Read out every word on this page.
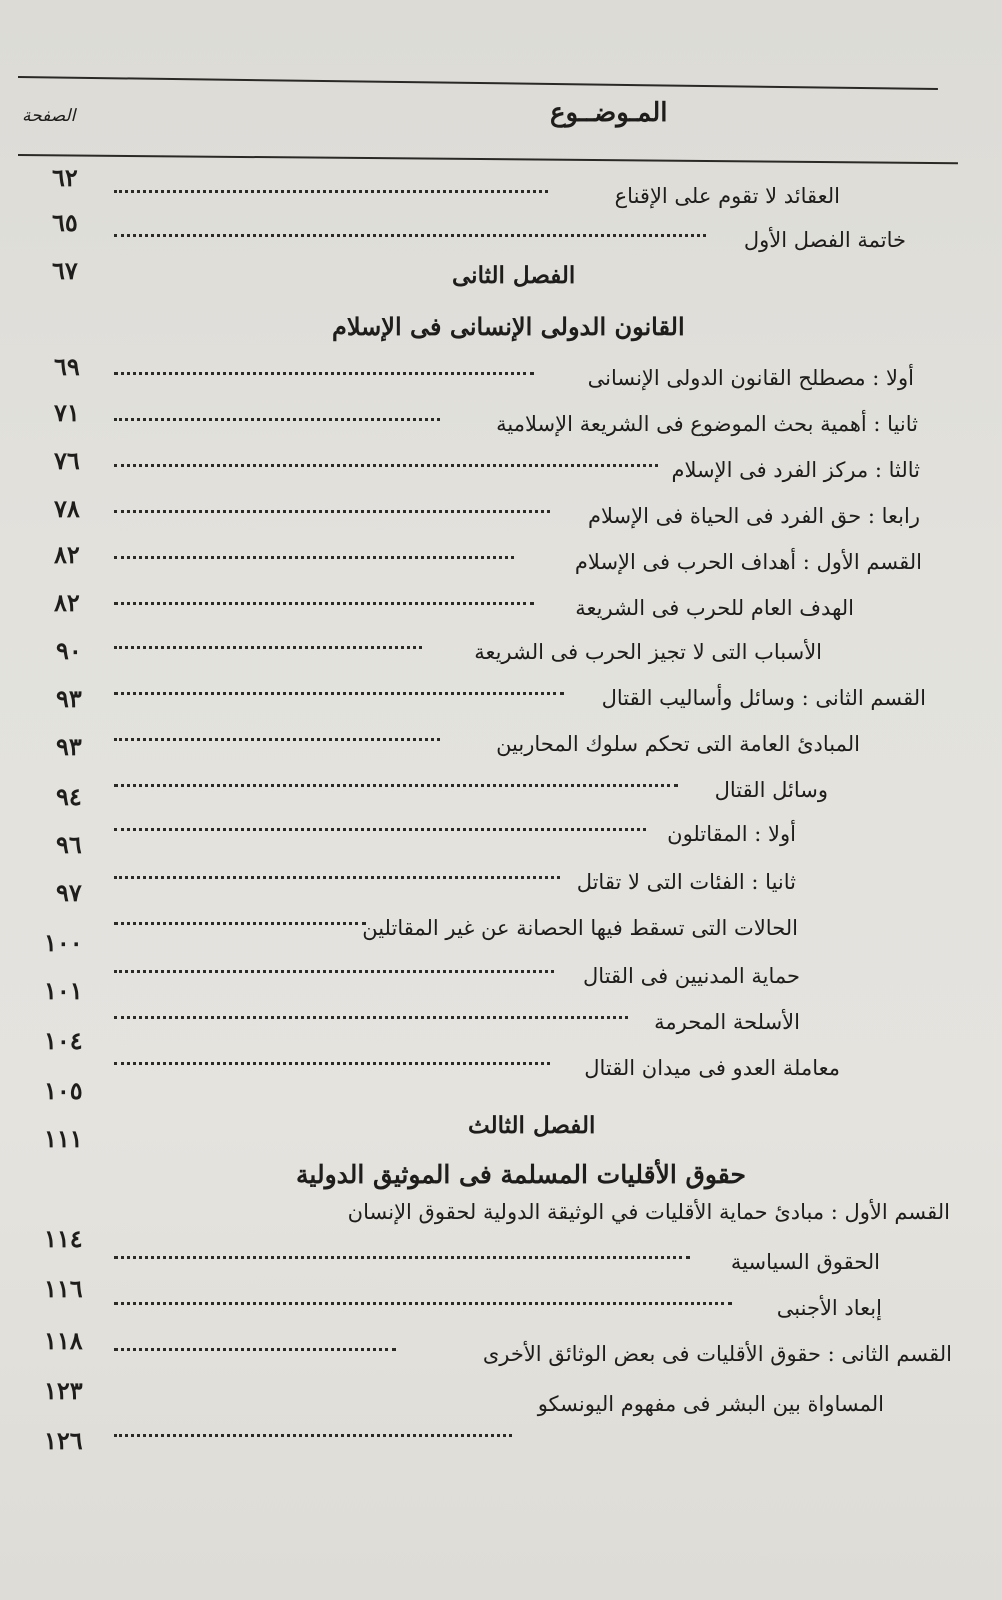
المـوضــوع
الصفحة
العقائد لا تقوم على الإقناع
٦٢
خاتمة الفصل الأول
٦٥
الفصل الثانى
٦٧
القانون الدولى الإنسانى فى الإسلام
أولا : مصطلح القانون الدولى الإنسانى
٦٩
ثانيا : أهمية بحث الموضوع فى الشريعة الإسلامية
٧١
ثالثا : مركز الفرد فى الإسلام
٧٦
رابعا : حق الفرد فى الحياة فى الإسلام
٧٨
القسم الأول : أهداف الحرب فى الإسلام
٨٢
الهدف العام للحرب فى الشريعة
٨٢
الأسباب التى لا تجيز الحرب فى الشريعة
٩٠
القسم الثانى : وسائل وأساليب القتال
٩٣
المبادئ العامة التى تحكم سلوك المحاربين
٩٣
وسائل القتال
٩٤
أولا : المقاتلون
٩٦
ثانيا : الفئات التى لا تقاتل
٩٧
الحالات التى تسقط فيها الحصانة عن غير المقاتلين
١٠٠
حماية المدنيين فى القتال
١٠١
الأسلحة المحرمة
١٠٤
معاملة العدو فى ميدان القتال
١٠٥
الفصل الثالث
١١١
حقوق الأقليات المسلمة فى الموثيق الدولية
القسم الأول : مبادئ حماية الأقليات في الوثيقة الدولية لحقوق الإنسان
١١٤
الحقوق السياسية
١١٦
إبعاد الأجنبى
١١٨	القسم الثانى : حقوق الأقليات فى بعض الوثائق الأخرى
١٢٣	المساواة بين البشر فى مفهوم اليونسكو
١٢٦
